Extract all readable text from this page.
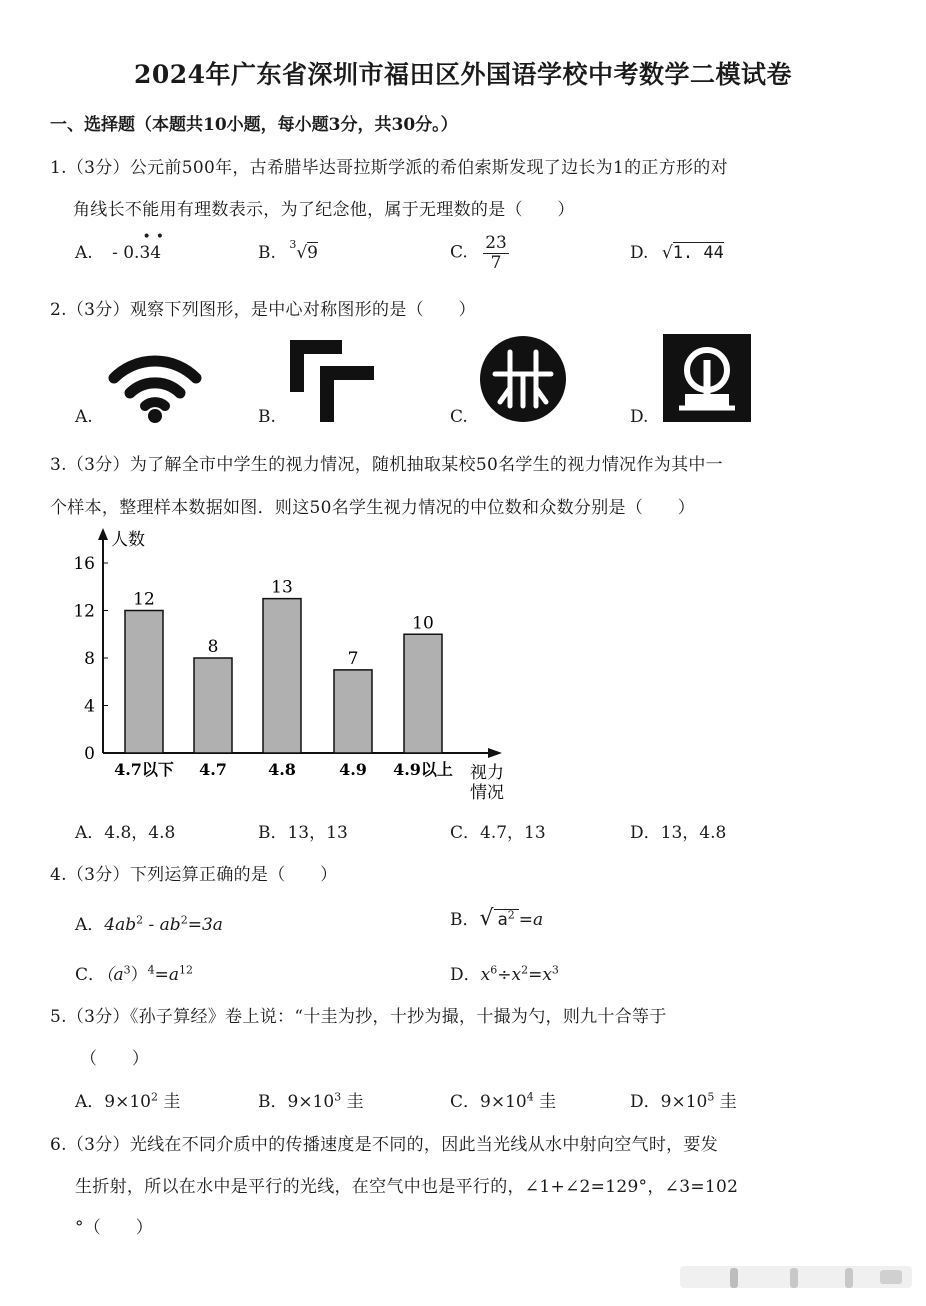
2024年广东省深圳市福田区外国语学校中考数学二模试卷
一、选择题（本题共10小题，每小题3分，共30分。）
1.（3分）公元前500年，古希腊毕达哥拉斯学派的希伯索斯发现了边长为1的正方形的对
角线长不能用有理数表示，为了纪念他，属于无理数的是（　　）
A. - 0.
••
34	B. 3 √9	C. $\frac{23}{7}$	D. √1. 44
2.（3分）观察下列图形，是中心对称图形的是（　　）
A.	B.	C.	D.
3.（3分）为了解全市中学生的视力情况，随机抽取某校50名学生的视力情况作为其中一
个样本，整理样本数据如图．则这50名学生视力情况的中位数和众数分别是（　　）
人数
视力
情况
0
4
8
12
16
12
4.7以下
8
4.7
13
4.8
7
4.9
10
4.9以上
A．4.8，4.8	B．13，13	C．4.7，13	D．13，4.8
4.（3分）下列运算正确的是（　　）
A．$4ab^2 - ab^2=3a$	B．√ $a^2 =a$
C．$(a^3)^4=a^{12}$	D．$x^6\div x^2=x^3$
5.（3分）《孙子算经》卷上说：“十圭为抄，十抄为撮，十撮为勺，则九十合等于
（　　）
A．$9\times 10^2$ 圭	B．$9\times 10^3$ 圭	C．$9\times 10^4$ 圭	D．$9\times 10^5$ 圭
6.（3分）光线在不同介质中的传播速度是不同的，因此当光线从水中射向空气时，要发
生折射，所以在水中是平行的光线，在空气中也是平行的，∠1+∠2=129°，∠3=102
°（　　）
